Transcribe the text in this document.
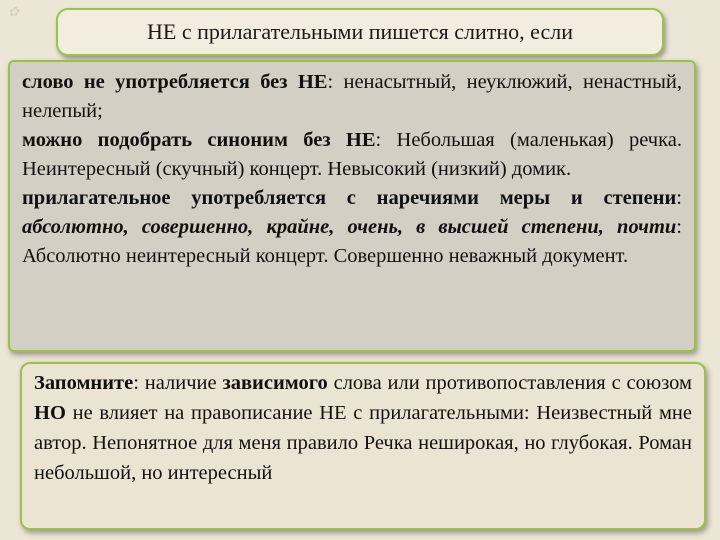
✿
НЕ с прилагательными пишется слитно, если

слово не употребляется без НЕ: ненасытный, неуклюжий, ненастный, нелепый;

можно подобрать синоним без НЕ: Небольшая (маленькая) речка. Неинтересный (скучный) концерт. Невысокий (низкий) домик.

прилагательное употребляется с наречиями меры и степени: абсолютно, совершенно, крайне, очень, в высшей степени, почти: Абсолютно неинтересный концерт. Совершенно неважный документ.

Запомните: наличие зависимого слова или противопоставления с союзом НО не влияет на правописание НЕ с прилагательными: Неизвестный мне автор. Непонятное для меня правило Речка неширокая, но глубокая. Роман небольшой, но интересный
